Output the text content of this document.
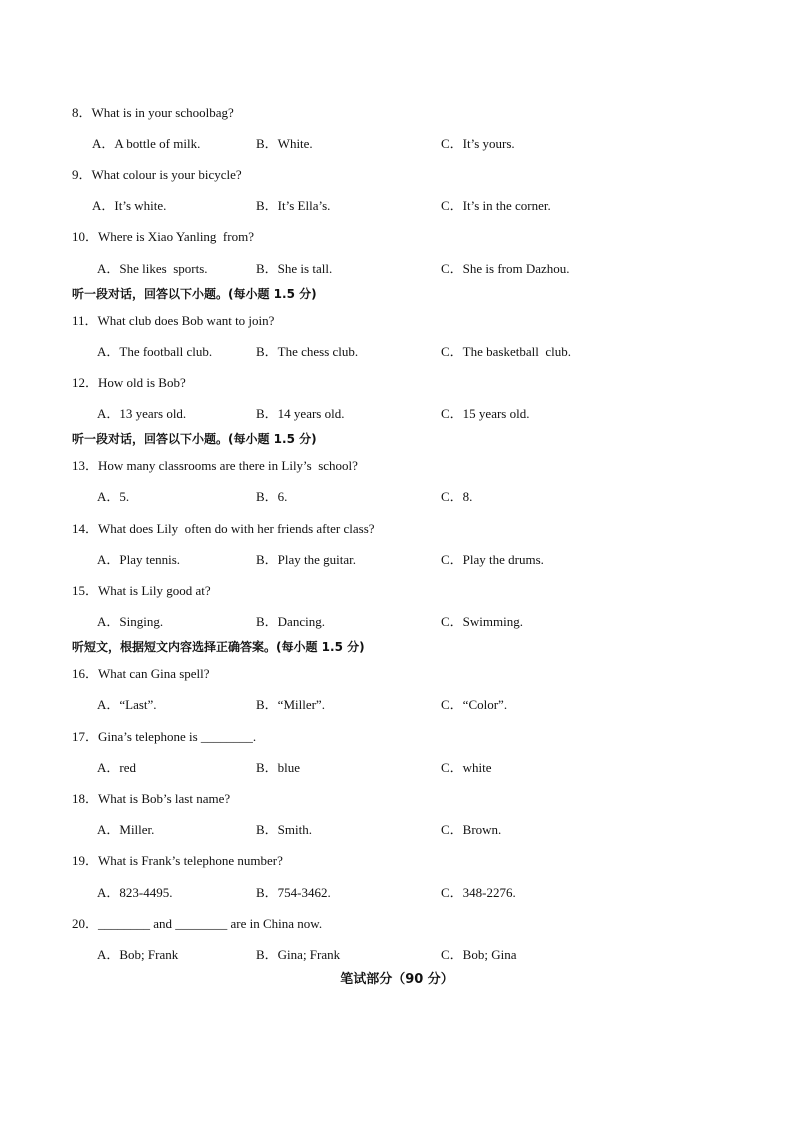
8．What is in your schoolbag?
A．A bottle of milk.	B．White.	C．It’s yours.
9．What colour is your bicycle?
A．It’s white.	B．It’s Ella’s.	C．It’s in the corner.
10．Where is Xiao Yanling  from?
A．She likes  sports.	B．She is tall.	C．She is from Dazhou.
听一段对话，回答以下小题。(每小题 1.5 分)
11．What club does Bob want to join?
A．The football club.	B．The chess club.	C．The basketball  club.
12．How old is Bob?
A．13 years old.	B．14 years old.	C．15 years old.
听一段对话，回答以下小题。(每小题 1.5 分)
13．How many classrooms are there in Lily’s  school?
A．5.	B．6.	C．8.
14．What does Lily  often do with her friends after class?
A．Play tennis.	B．Play the guitar.	C．Play the drums.
15．What is Lily good at?
A．Singing.	B．Dancing.	C．Swimming.
听短文，根据短文内容选择正确答案。(每小题 1.5 分)
16．What can Gina spell?
A．“Last”.	B．“Miller”.	C．“Color”.
17．Gina’s telephone is ________.
A．red	B．blue	C．white
18．What is Bob’s last name?
A．Miller.	B．Smith.	C．Brown.
19．What is Frank’s telephone number?
A．823-4495.	B．754-3462.	C．348-2276.
20．________ and ________ are in China now.
A．Bob; Frank	B．Gina; Frank	C．Bob; Gina
笔试部分（90 分）
